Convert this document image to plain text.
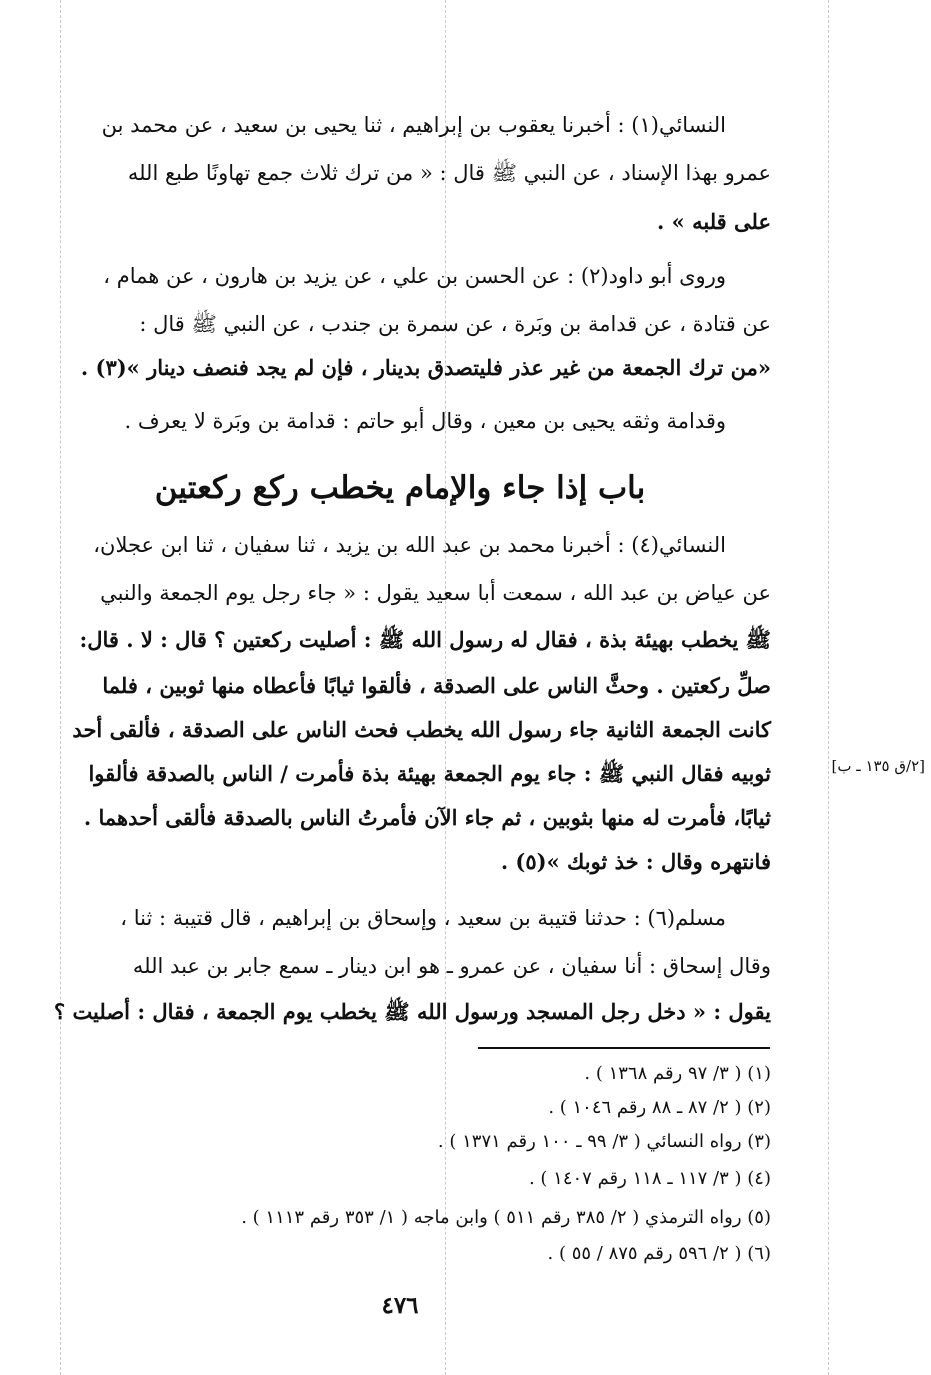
النسائي(١) : أخبرنا يعقوب بن إبراهيم ، ثنا يحيى بن سعيد ، عن محمد بن
عمرو بهذا الإسناد ، عن النبي ﷺ قال : « من ترك ثلاث جمع تهاونًا طبع الله
على قلبه » .
وروى أبو داود(٢) : عن الحسن بن علي ، عن يزيد بن هارون ، عن همام ،
عن قتادة ، عن قدامة بن وبَرة ، عن سمرة بن جندب ، عن النبي ﷺ قال :
«من ترك الجمعة من غير عذر فليتصدق بدينار ، فإن لم يجد فنصف دينار »(٣) .
وقدامة وثقه يحيى بن معين ، وقال أبو حاتم : قدامة بن وبَرة لا يعرف .
باب إذا جاء والإمام يخطب ركع ركعتين
النسائي(٤) : أخبرنا محمد بن عبد الله بن يزيد ، ثنا سفيان ، ثنا ابن عجلان،
عن عياض بن عبد الله ، سمعت أبا سعيد يقول : « جاء رجل يوم الجمعة والنبي
ﷺ يخطب بهيئة بذة ، فقال له رسول الله ﷺ : أصليت ركعتين ؟ قال : لا . قال:
صلِّ ركعتين . وحثَّ الناس على الصدقة ، فألقوا ثيابًا فأعطاه منها ثوبين ، فلما
كانت الجمعة الثانية جاء رسول الله يخطب فحث الناس على الصدقة ، فألقى أحد
ثوبيه فقال النبي ﷺ : جاء يوم الجمعة بهيئة بذة فأمرت / الناس بالصدقة فألقوا
ثيابًا، فأمرت له منها بثوبين ، ثم جاء الآن فأمرتُ الناس بالصدقة فألقى أحدهما .
فانتهره وقال : خذ ثوبك »(٥) .
[٢/ق ١٣٥ ـ ب]
مسلم(٦) : حدثنا قتيبة بن سعيد ، وإسحاق بن إبراهيم ، قال قتيبة : ثنا ،
وقال إسحاق : أنا سفيان ، عن عمرو ـ هو ابن دينار ـ سمع جابر بن عبد الله
يقول : « دخل رجل المسجد ورسول الله ﷺ يخطب يوم الجمعة ، فقال : أصليت ؟
(١) ( ٣/ ٩٧ رقم ١٣٦٨ ) .
(٢) ( ٢/ ٨٧ ـ ٨٨ رقم ١٠٤٦ ) .
(٣) رواه النسائي ( ٣/ ٩٩ ـ ١٠٠ رقم ١٣٧١ ) .
(٤) ( ٣/ ١١٧ ـ ١١٨ رقم ١٤٠٧ ) .
(٥) رواه الترمذي ( ٢/ ٣٨٥ رقم ٥١١ ) وابن ماجه ( ١/ ٣٥٣ رقم ١١١٣ ) .
(٦) ( ٢/ ٥٩٦ رقم ٨٧٥ / ٥٥ ) .
٤٧٦
